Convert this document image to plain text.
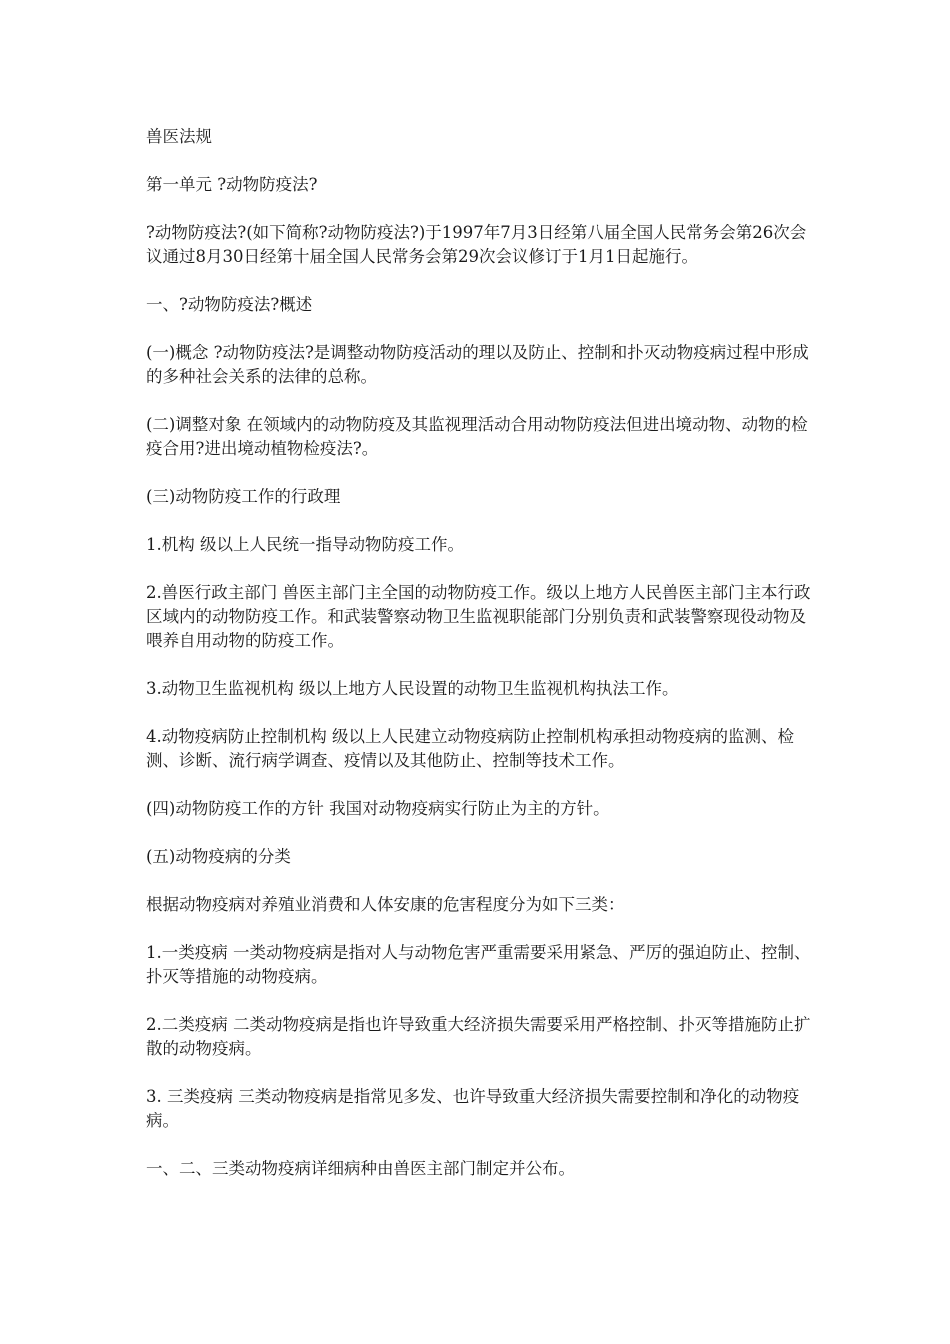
兽医法规

第一单元 ?动物防疫法?

?动物防疫法?(如下简称?动物防疫法?)于1997年7月3日经第八届全国人民常务会第26次会议通过8月30日经第十届全国人民常务会第29次会议修订于1月1日起施行。

一、?动物防疫法?概述

(一)概念 ?动物防疫法?是调整动物防疫活动的理以及防止、控制和扑灭动物疫病过程中形成的多种社会关系的法律的总称。

(二)调整对象 在领域内的动物防疫及其监视理活动合用动物防疫法但进出境动物、动物的检疫合用?进出境动植物检疫法?。

(三)动物防疫工作的行政理

1.机构 级以上人民统一指导动物防疫工作。

2.兽医行政主部门 兽医主部门主全国的动物防疫工作。级以上地方人民兽医主部门主本行政区域内的动物防疫工作。和武装警察动物卫生监视职能部门分别负责和武装警察现役动物及喂养自用动物的防疫工作。

3.动物卫生监视机构 级以上地方人民设置的动物卫生监视机构执法工作。

4.动物疫病防止控制机构 级以上人民建立动物疫病防止控制机构承担动物疫病的监测、检测、诊断、流行病学调查、疫情以及其他防止、控制等技术工作。

(四)动物防疫工作的方针 我国对动物疫病实行防止为主的方针。

(五)动物疫病的分类

根据动物疫病对养殖业消费和人体安康的危害程度分为如下三类：

1.一类疫病 一类动物疫病是指对人与动物危害严重需要采用紧急、严厉的强迫防止、控制、扑灭等措施的动物疫病。

2.二类疫病 二类动物疫病是指也许导致重大经济损失需要采用严格控制、扑灭等措施防止扩散的动物疫病。

3. 三类疫病 三类动物疫病是指常见多发、也许导致重大经济损失需要控制和净化的动物疫病。

一、二、三类动物疫病详细病种由兽医主部门制定并公布。
